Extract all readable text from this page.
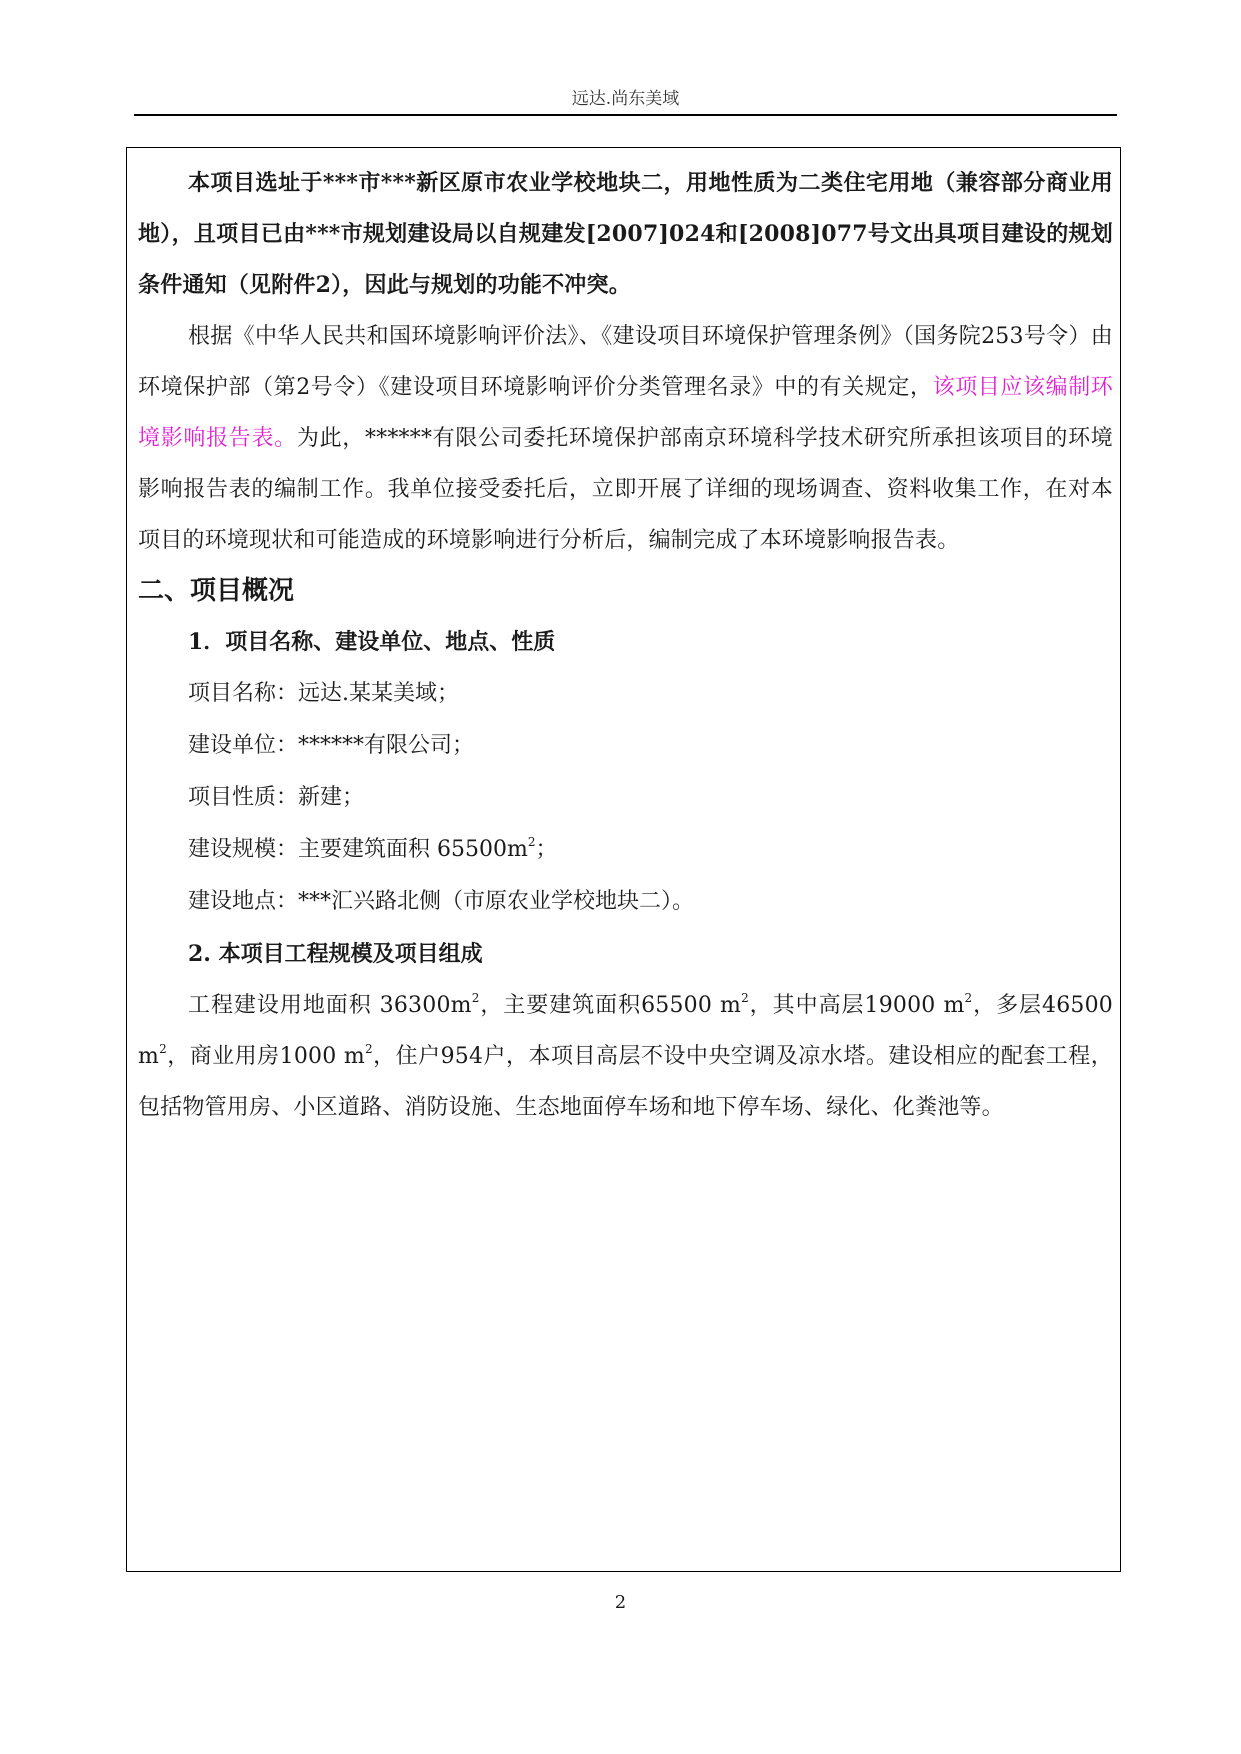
远达.尚东美域

本项目选址于***市***新区原市农业学校地块二，用地性质为二类住宅用地（兼容部分商业用地），且项目已由***市规划建设局以自规建发[2007]024和[2008]077号文出具项目建设的规划条件通知（见附件2），因此与规划的功能不冲突。

根据《中华人民共和国环境影响评价法》、《建设项目环境保护管理条例》（国务院253号令）由环境保护部（第2号令）《建设项目环境影响评价分类管理名录》中的有关规定，该项目应该编制环境影响报告表。为此，******有限公司委托环境保护部南京环境科学技术研究所承担该项目的环境影响报告表的编制工作。我单位接受委托后，立即开展了详细的现场调查、资料收集工作，在对本项目的环境现状和可能造成的环境影响进行分析后，编制完成了本环境影响报告表。

二、项目概况

1．项目名称、建设单位、地点、性质

项目名称：远达.某某美域；

建设单位：******有限公司；

项目性质：新建；

建设规模：主要建筑面积 $65500m^2$；

建设地点：***汇兴路北侧（市原农业学校地块二）。

2. 本项目工程规模及项目组成

工程建设用地面积 $36300m^2$，主要建筑面积65500 $m^2$，其中高层19000 $m^2$，多层46500 $m^2$，商业用房1000 $m^2$，住户954户，本项目高层不设中央空调及凉水塔。建设相应的配套工程，包括物管用房、小区道路、消防设施、生态地面停车场和地下停车场、绿化、化粪池等。

2
